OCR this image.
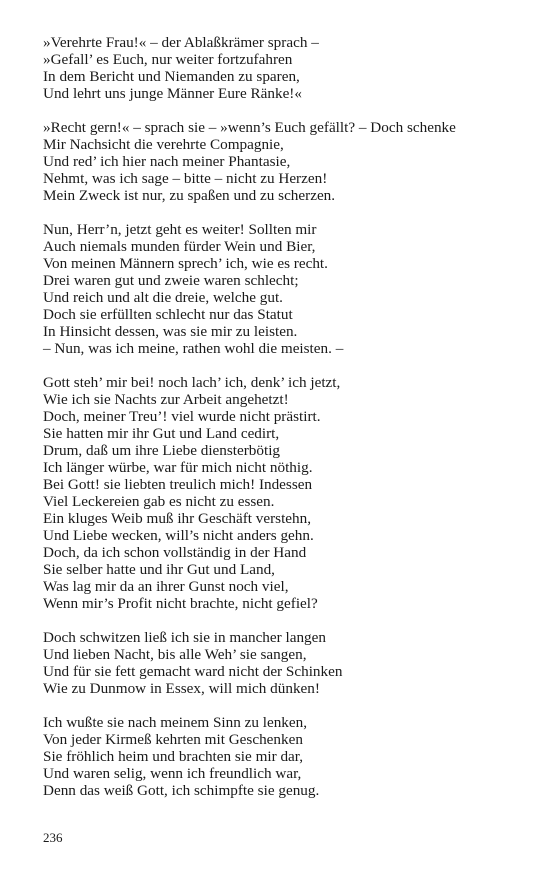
»Verehrte Frau!« – der Ablaßkrämer sprach –
»Gefall’ es Euch, nur weiter fortzufahren
In dem Bericht und Niemanden zu sparen,
Und lehrt uns junge Männer Eure Ränke!«
»Recht gern!« – sprach sie – »wenn’s Euch gefällt? – Doch schenke
Mir Nachsicht die verehrte Compagnie,
Und red’ ich hier nach meiner Phantasie,
Nehmt, was ich sage – bitte – nicht zu Herzen!
Mein Zweck ist nur, zu spaßen und zu scherzen.
Nun, Herr’n, jetzt geht es weiter! Sollten mir
Auch niemals munden fürder Wein und Bier,
Von meinen Männern sprech’ ich, wie es recht.
Drei waren gut und zweie waren schlecht;
Und reich und alt die dreie, welche gut.
Doch sie erfüllten schlecht nur das Statut
In Hinsicht dessen, was sie mir zu leisten.
– Nun, was ich meine, rathen wohl die meisten. –
Gott steh’ mir bei! noch lach’ ich, denk’ ich jetzt,
Wie ich sie Nachts zur Arbeit angehetzt!
Doch, meiner Treu’! viel wurde nicht prästirt.
Sie hatten mir ihr Gut und Land cedirt,
Drum, daß um ihre Liebe diensterbötig
Ich länger würbe, war für mich nicht nöthig.
Bei Gott! sie liebten treulich mich! Indessen
Viel Leckereien gab es nicht zu essen.
Ein kluges Weib muß ihr Geschäft verstehn,
Und Liebe wecken, will’s nicht anders gehn.
Doch, da ich schon vollständig in der Hand
Sie selber hatte und ihr Gut und Land,
Was lag mir da an ihrer Gunst noch viel,
Wenn mir’s Profit nicht brachte, nicht gefiel?
Doch schwitzen ließ ich sie in mancher langen
Und lieben Nacht, bis alle Weh’ sie sangen,
Und für sie fett gemacht ward nicht der Schinken
Wie zu Dunmow in Essex, will mich dünken!
Ich wußte sie nach meinem Sinn zu lenken,
Von jeder Kirmeß kehrten mit Geschenken
Sie fröhlich heim und brachten sie mir dar,
Und waren selig, wenn ich freundlich war,
Denn das weiß Gott, ich schimpfte sie genug.
236
